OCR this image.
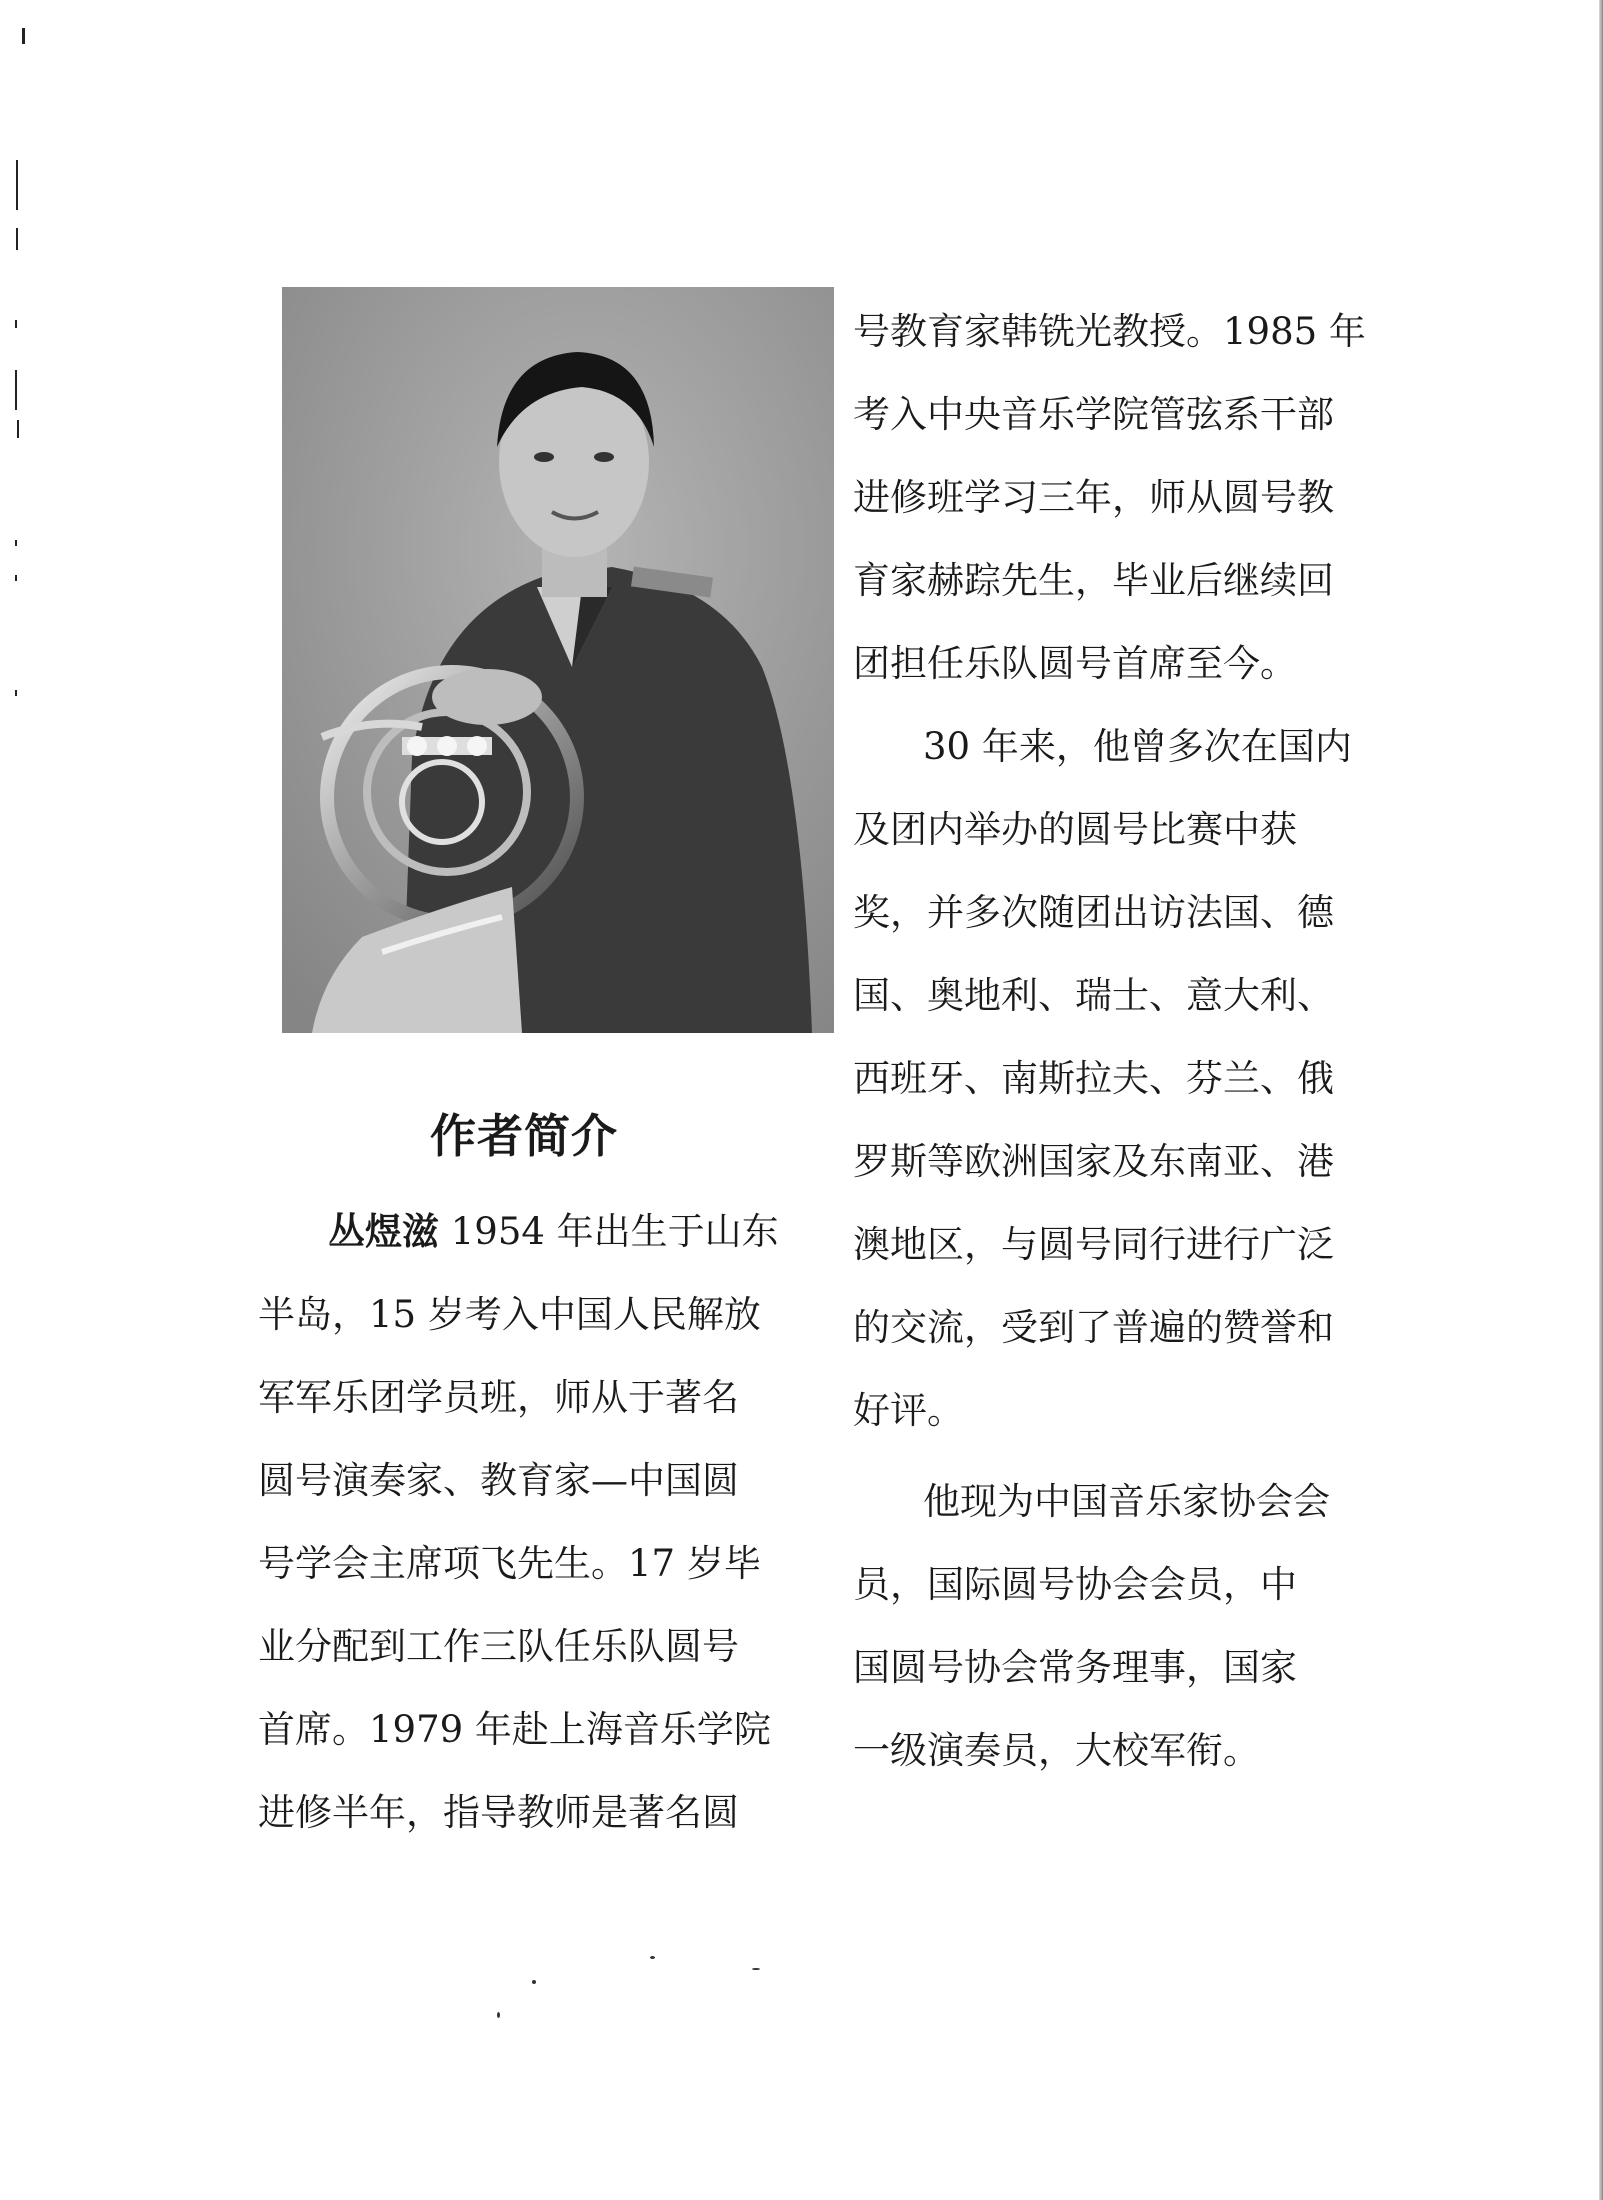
作者简介
丛煜滋 1954 年出生于山东
半岛，15 岁考入中国人民解放
军军乐团学员班，师从于著名
圆号演奏家、教育家—中国圆
号学会主席项飞先生。17 岁毕
业分配到工作三队任乐队圆号
首席。1979 年赴上海音乐学院
进修半年，指导教师是著名圆
号教育家韩铣光教授。1985 年
考入中央音乐学院管弦系干部
进修班学习三年，师从圆号教
育家赫踪先生，毕业后继续回
团担任乐队圆号首席至今。
30 年来，他曾多次在国内
及团内举办的圆号比赛中获
奖，并多次随团出访法国、德
国、奥地利、瑞士、意大利、
西班牙、南斯拉夫、芬兰、俄
罗斯等欧洲国家及东南亚、港
澳地区，与圆号同行进行广泛
的交流，受到了普遍的赞誉和
好评。
他现为中国音乐家协会会
员，国际圆号协会会员，中
国圆号协会常务理事，国家
一级演奏员，大校军衔。
